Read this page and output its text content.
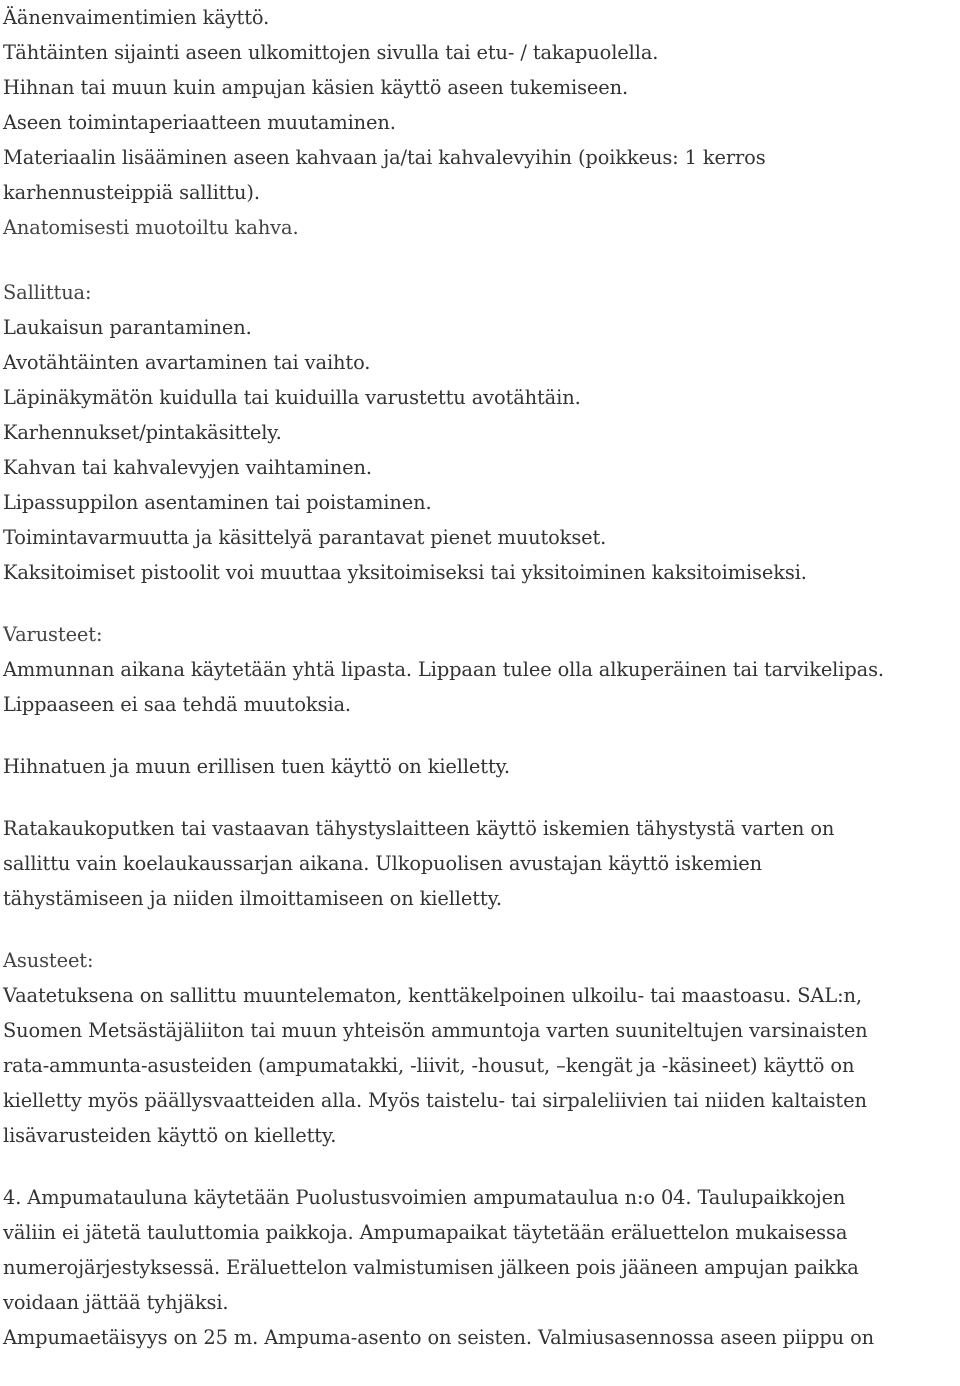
Äänenvaimentimien käyttö.
Tähtäinten sijainti aseen ulkomittojen sivulla tai etu- / takapuolella.
Hihnan tai muun kuin ampujan käsien käyttö aseen tukemiseen.
Aseen toimintaperiaatteen muutaminen.
Materiaalin lisääminen aseen kahvaan ja/tai kahvalevyihin (poikkeus: 1 kerros
karhennusteippiä sallittu).
Anatomisesti muotoiltu kahva.
Sallittua:
Laukaisun parantaminen.
Avotähtäinten avartaminen tai vaihto.
Läpinäkymätön kuidulla tai kuiduilla varustettu avotähtäin.
Karhennukset/pintakäsittely.
Kahvan tai kahvalevyjen vaihtaminen.
Lipassuppilon asentaminen tai poistaminen.
Toimintavarmuutta ja käsittelyä parantavat pienet muutokset.
Kaksitoimiset pistoolit voi muuttaa yksitoimiseksi tai yksitoiminen kaksitoimiseksi.
Varusteet:
Ammunnan aikana käytetään yhtä lipasta. Lippaan tulee olla alkuperäinen tai tarvikelipas.
Lippaaseen ei saa tehdä muutoksia.
Hihnatuen ja muun erillisen tuen käyttö on kielletty.
Ratakaukoputken tai vastaavan tähystyslaitteen käyttö iskemien tähystystä varten on
sallittu vain koelaukaussarjan aikana. Ulkopuolisen avustajan käyttö iskemien
tähystämiseen ja niiden ilmoittamiseen on kielletty.
Asusteet:
Vaatetuksena on sallittu muuntelematon, kenttäkelpoinen ulkoilu- tai maastoasu. SAL:n,
Suomen Metsästäjäliiton tai muun yhteisön ammuntoja varten suuniteltujen varsinaisten
rata-ammunta-asusteiden (ampumatakki, -liivit, -housut, –kengät ja -käsineet) käyttö on
kielletty myös päällysvaatteiden alla. Myös taistelu- tai sirpaleliivien tai niiden kaltaisten
lisävarusteiden käyttö on kielletty.
4. Ampumatauluna käytetään Puolustusvoimien ampumataulua n:o 04. Taulupaikkojen
väliin ei jätetä tauluttomia paikkoja. Ampumapaikat täytetään eräluettelon mukaisessa
numerojärjestyksessä. Eräluettelon valmistumisen jälkeen pois jääneen ampujan paikka
voidaan jättää tyhjäksi.
Ampumaetäisyys on 25 m. Ampuma-asento on seisten. Valmiusasennossa aseen piippu on
